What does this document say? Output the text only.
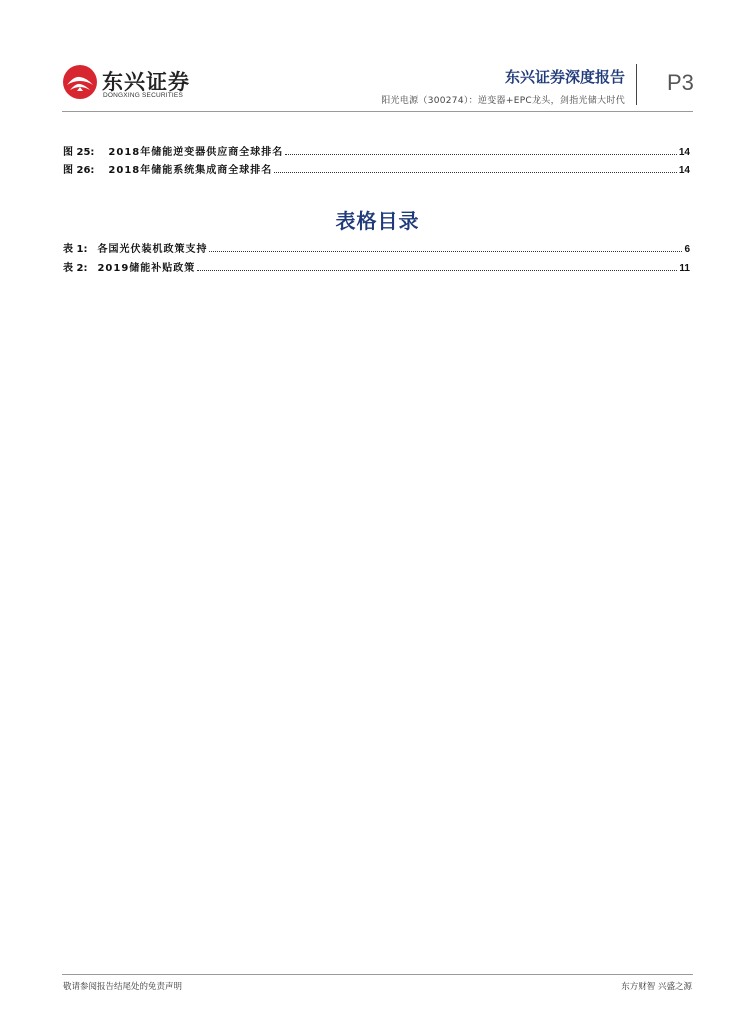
东兴证券
DONGXING SECURITIES
东兴证券深度报告
阳光电源（300274）：逆变器+EPC龙头，剑指光储大时代
P3
图 25: 2018年储能逆变器供应商全球排名	14
图 26: 2018年储能系统集成商全球排名	14
表格目录
表 1: 各国光伏装机政策支持	6
表 2: 2019储能补贴政策	11
敬请参阅报告结尾处的免责声明	东方财智 兴盛之源
